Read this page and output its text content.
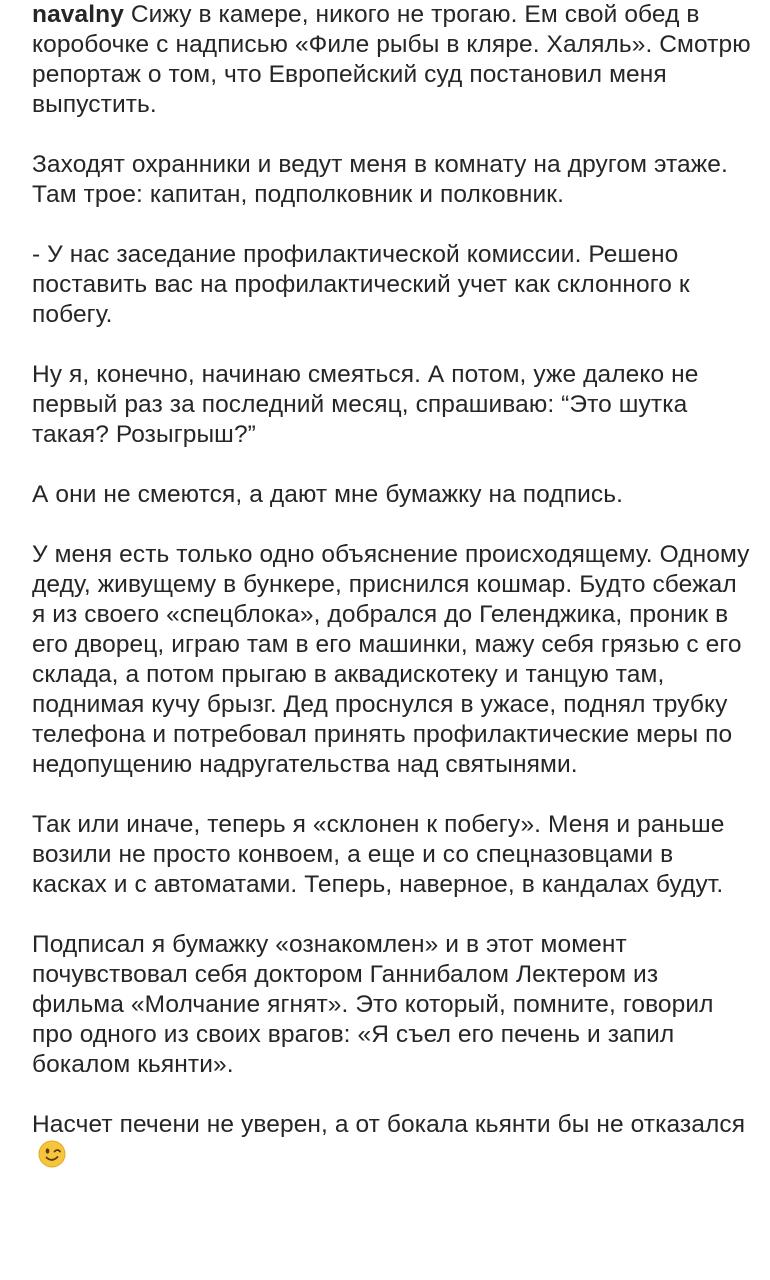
navalny Сижу в камере, никого не трогаю. Ем свой обед в коробочке с надписью «Филе рыбы в кляре. Халяль». Смотрю репортаж о том, что Европейский суд постановил меня выпустить.

Заходят охранники и ведут меня в комнату на другом этаже. Там трое: капитан, подполковник и полковник.

- У нас заседание профилактической комиссии. Решено поставить вас на профилактический учет как склонного к побегу.

Ну я, конечно, начинаю смеяться. А потом, уже далеко не первый раз за последний месяц, спрашиваю: “Это шутка такая? Розыгрыш?”

А они не смеются, а дают мне бумажку на подпись.

У меня есть только одно объяснение происходящему. Одному деду, живущему в бункере, приснился кошмар. Будто сбежал я из своего «спецблока», добрался до Геленджика, проник в его дворец, играю там в его машинки, мажу себя грязью с его склада, а потом прыгаю в аквадискотеку и танцую там, поднимая кучу брызг. Дед проснулся в ужасе, поднял трубку телефона и потребовал принять профилактические меры по недопущению надругательства над святынями.

Так или иначе, теперь я «склонен к побегу». Меня и раньше возили не просто конвоем, а еще и со спецназовцами в касках и с автоматами. Теперь, наверное, в кандалах будут.

Подписал я бумажку «ознакомлен» и в этот момент почувствовал себя доктором Ганнибалом Лектером из фильма «Молчание ягнят». Это который, помните, говорил про одного из своих врагов: «Я съел его печень и запил бокалом кьянти».

Насчет печени не уверен, а от бокала кьянти бы не отказался
